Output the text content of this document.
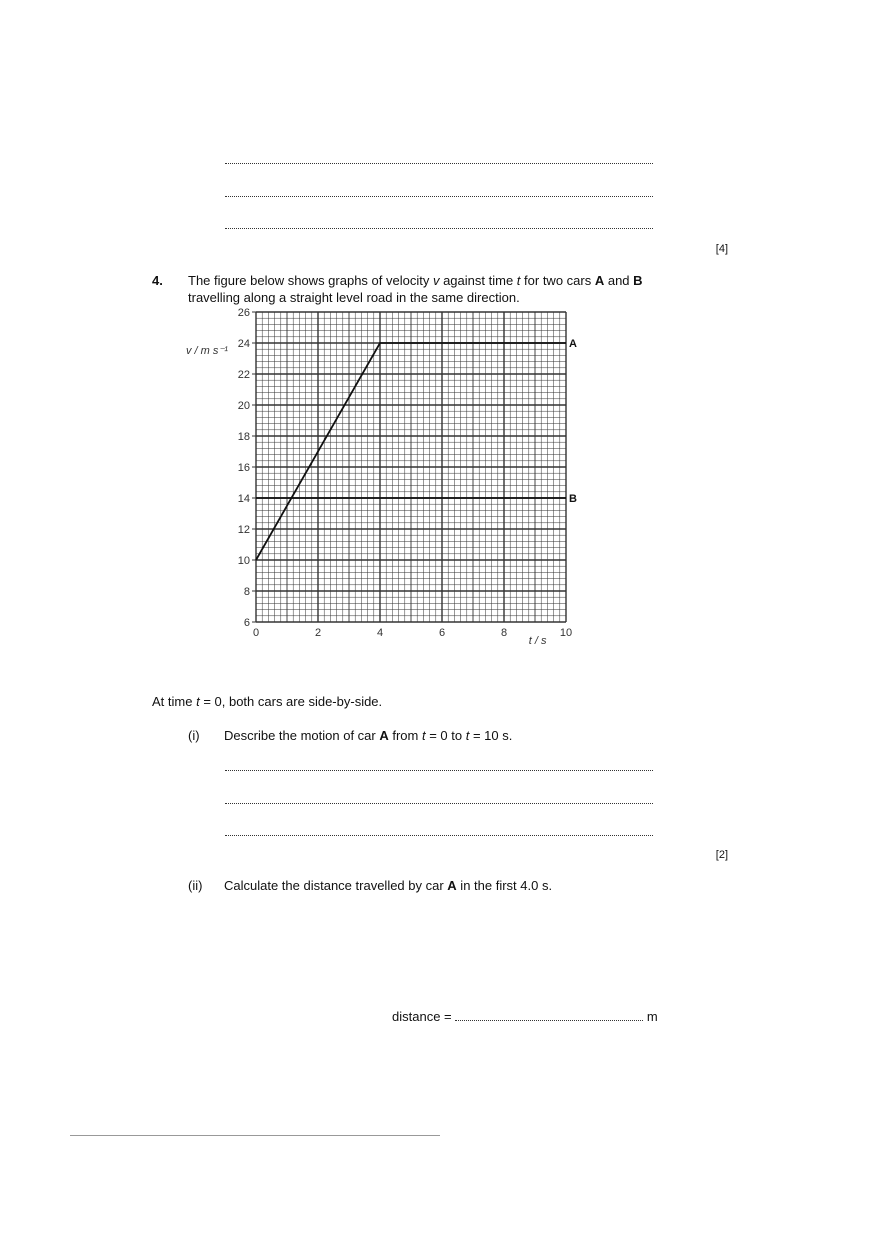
[4]
4. The figure below shows graphs of velocity v against time t for two cars A and B
travelling along a straight level road in the same direction.
0	2	4	6	8	10
6
8
10
12
14
16
18
20
22
24
26
t / s
v / m s⁻¹
A
B
At time t = 0, both cars are side-by-side.
(i) Describe the motion of car A from t = 0 to t = 10 s.
[2]
(ii) Calculate the distance travelled by car A in the first 4.0 s.
distance =	m
